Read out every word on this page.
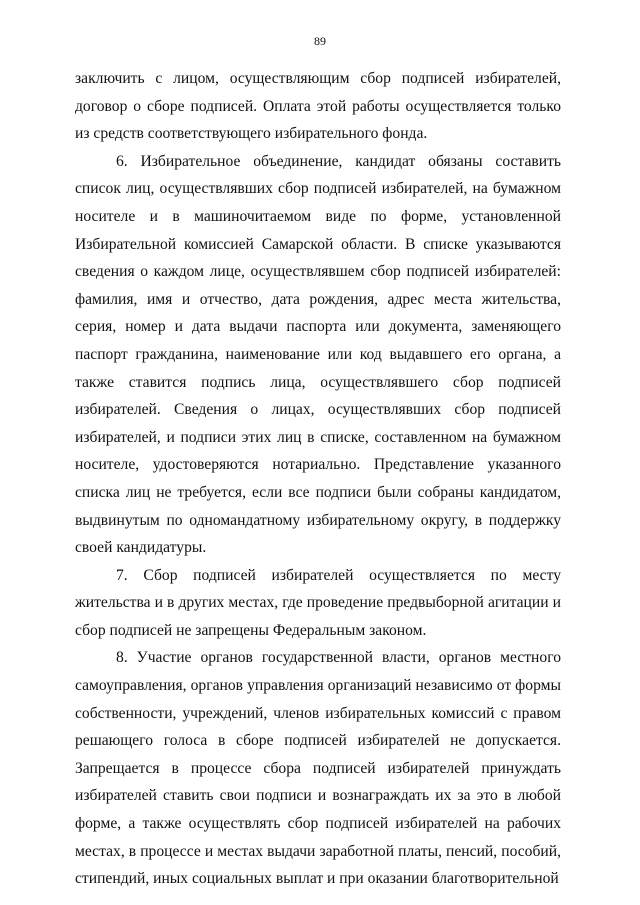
89

заключить с лицом, осуществляющим сбор подписей избирателей, договор о сборе подписей. Оплата этой работы осуществляется только из средств соответствующего избирательного фонда.

6. Избирательное объединение, кандидат обязаны составить список лиц, осуществлявших сбор подписей избирателей, на бумажном носителе и в машиночитаемом виде по форме, установленной Избирательной комиссией Самарской области. В списке указываются сведения о каждом лице, осуществлявшем сбор подписей избирателей: фамилия, имя и отчество, дата рождения, адрес места жительства, серия, номер и дата выдачи паспорта или документа, заменяющего паспорт гражданина, наименование или код выдавшего его органа, а также ставится подпись лица, осуществлявшего сбор подписей избирателей. Сведения о лицах, осуществлявших сбор подписей избирателей, и подписи этих лиц в списке, составленном на бумажном носителе, удостоверяются нотариально. Представление указанного списка лиц не требуется, если все подписи были собраны кандидатом, выдвинутым по одномандатному избирательному округу, в поддержку своей кандидатуры.

7. Сбор подписей избирателей осуществляется по месту жительства и в других местах, где проведение предвыборной агитации и сбор подписей не запрещены Федеральным законом.

8. Участие органов государственной власти, органов местного самоуправления, органов управления организаций независимо от формы собственности, учреждений, членов избирательных комиссий с правом решающего голоса в сборе подписей избирателей не допускается. Запрещается в процессе сбора подписей избирателей принуждать избирателей ставить свои подписи и вознаграждать их за это в любой форме, а также осуществлять сбор подписей избирателей на рабочих местах, в процессе и местах выдачи заработной платы, пенсий, пособий, стипендий, иных социальных выплат и при оказании благотворительной
